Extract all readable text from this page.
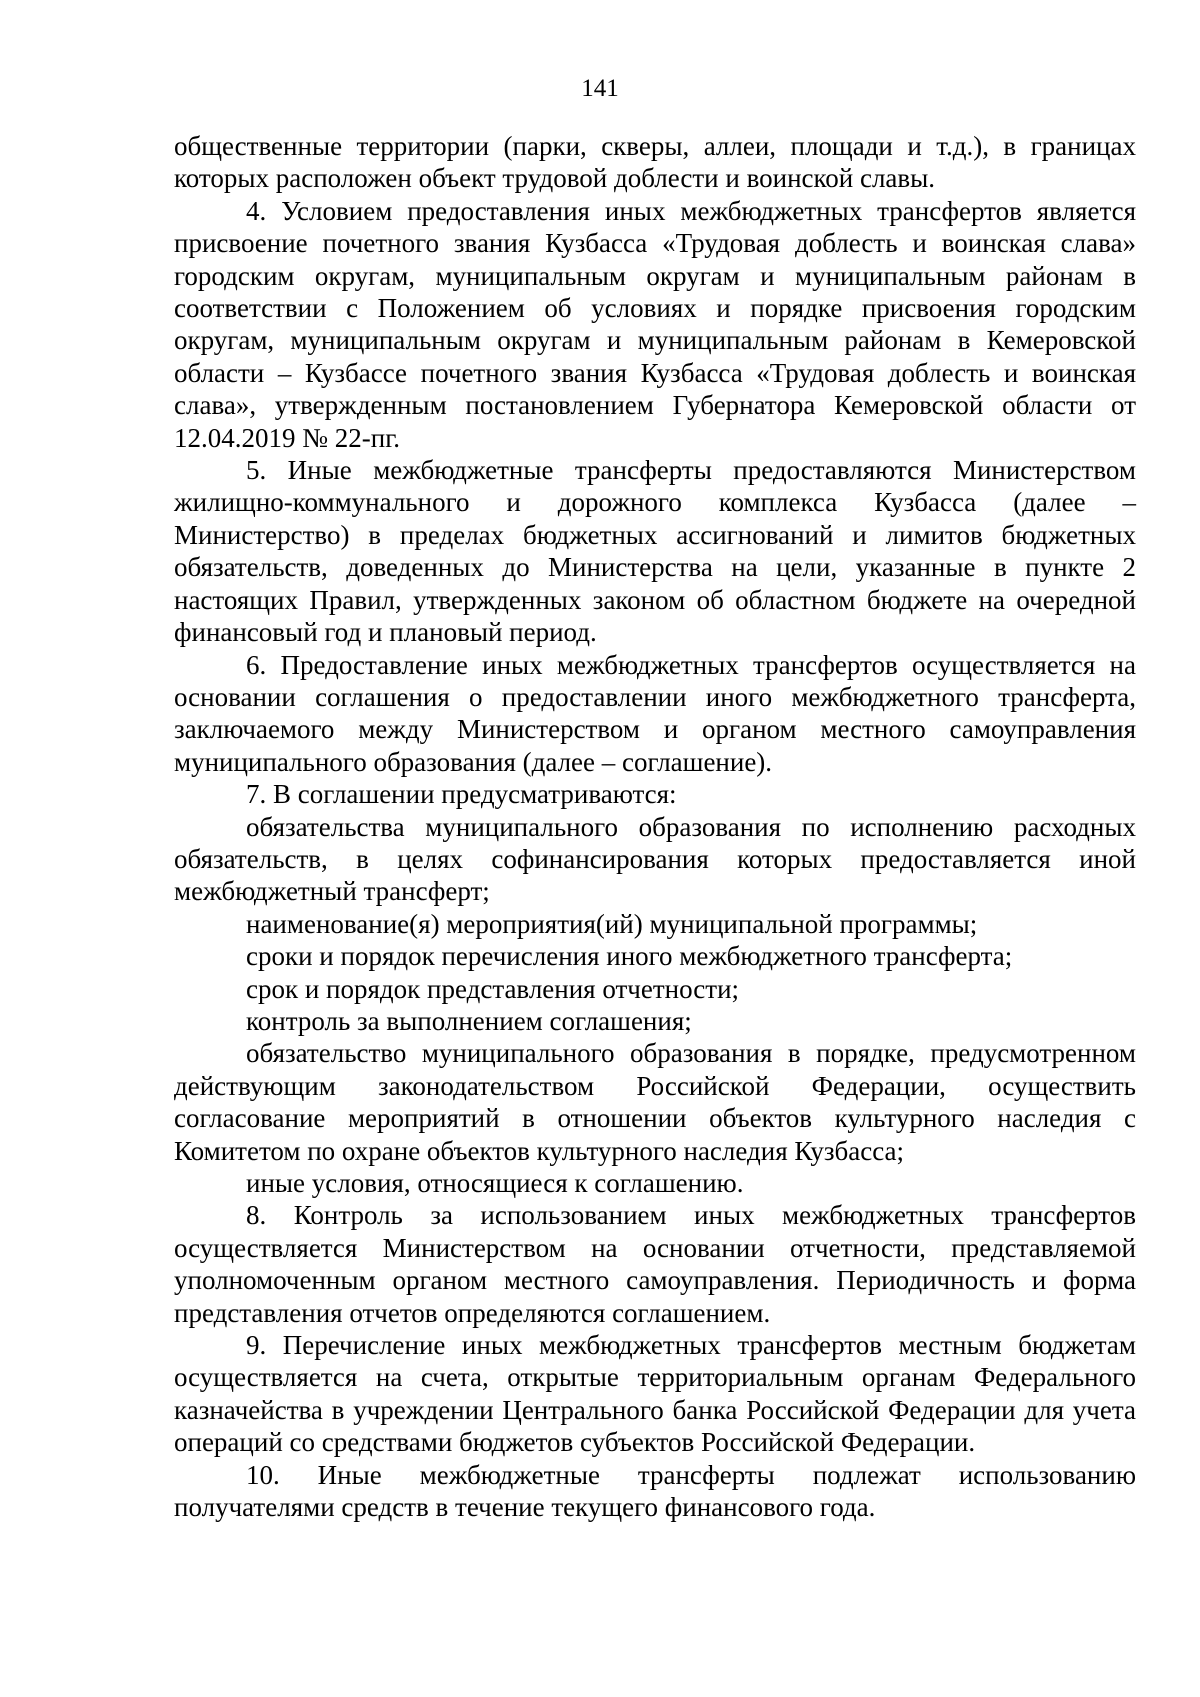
141

общественные территории (парки, скверы, аллеи, площади и т.д.), в границах которых расположен объект трудовой доблести и воинской славы.

4. Условием предоставления иных межбюджетных трансфертов является присвоение почетного звания Кузбасса «Трудовая доблесть и воинская слава» городским округам, муниципальным округам и муниципальным районам в соответствии с Положением об условиях и порядке присвоения городским округам, муниципальным округам и муниципальным районам в Кемеровской области – Кузбассе почетного звания Кузбасса «Трудовая доблесть и воинская слава», утвержденным постановлением Губернатора Кемеровской области от 12.04.2019 № 22-пг.

5. Иные межбюджетные трансферты предоставляются Министерством жилищно-коммунального и дорожного комплекса Кузбасса (далее – Министерство) в пределах бюджетных ассигнований и лимитов бюджетных обязательств, доведенных до Министерства на цели, указанные в пункте 2 настоящих Правил, утвержденных законом об областном бюджете на очередной финансовый год и плановый период.

6. Предоставление иных межбюджетных трансфертов осуществляется на основании соглашения о предоставлении иного межбюджетного трансферта, заключаемого между Министерством и органом местного самоуправления муниципального образования (далее – соглашение).

7. В соглашении предусматриваются:

обязательства муниципального образования по исполнению расходных обязательств, в целях софинансирования которых предоставляется иной межбюджетный трансферт;

наименование(я) мероприятия(ий) муниципальной программы;

сроки и порядок перечисления иного межбюджетного трансферта;

срок и порядок представления отчетности;

контроль за выполнением соглашения;

обязательство муниципального образования в порядке, предусмотренном действующим законодательством Российской Федерации, осуществить согласование мероприятий в отношении объектов культурного наследия с Комитетом по охране объектов культурного наследия Кузбасса;

иные условия, относящиеся к соглашению.

8. Контроль за использованием иных межбюджетных трансфертов осуществляется Министерством на основании отчетности, представляемой уполномоченным органом местного самоуправления. Периодичность и форма представления отчетов определяются соглашением.

9. Перечисление иных межбюджетных трансфертов местным бюджетам осуществляется на счета, открытые территориальным органам Федерального казначейства в учреждении Центрального банка Российской Федерации для учета операций со средствами бюджетов субъектов Российской Федерации.

10. Иные межбюджетные трансферты подлежат использованию получателями средств в течение текущего финансового года.
